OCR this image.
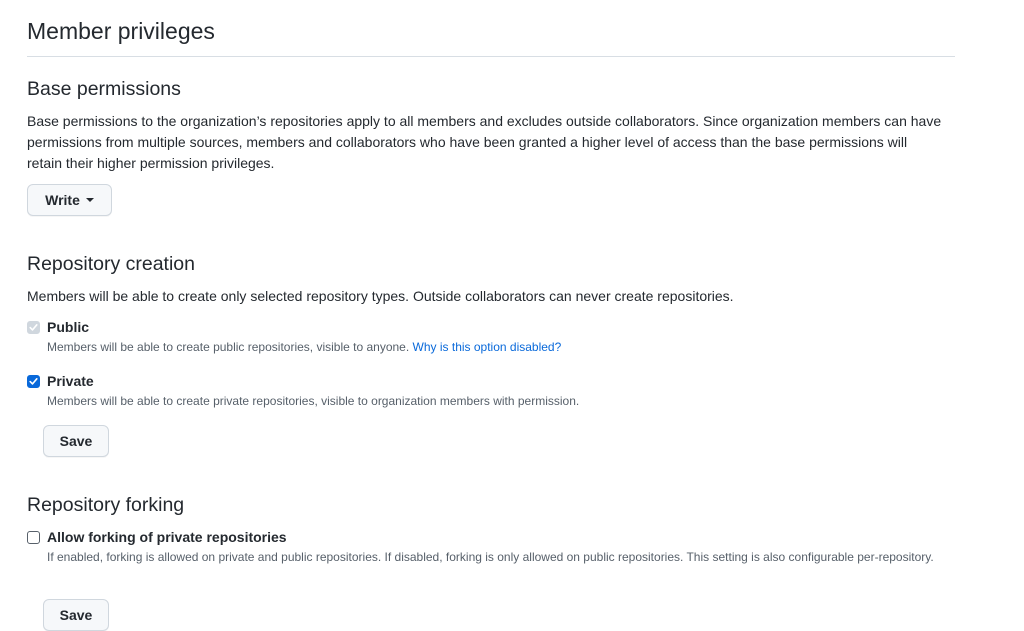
Member privileges
Base permissions

Base permissions to the organization’s repositories apply to all members and excludes outside collaborators. Since organization members can have permissions from multiple sources, members and collaborators who have been granted a higher level of access than the base permissions will retain their higher permission privileges.

Write
Repository creation

Members will be able to create only selected repository types. Outside collaborators can never create repositories.

Public

Members will be able to create public repositories, visible to anyone. Why is this option disabled?

Private

Members will be able to create private repositories, visible to organization members with permission.

Save
Repository forking
Allow forking of private repositories

If enabled, forking is allowed on private and public repositories. If disabled, forking is only allowed on public repositories. This setting is also configurable per-repository.

Save
